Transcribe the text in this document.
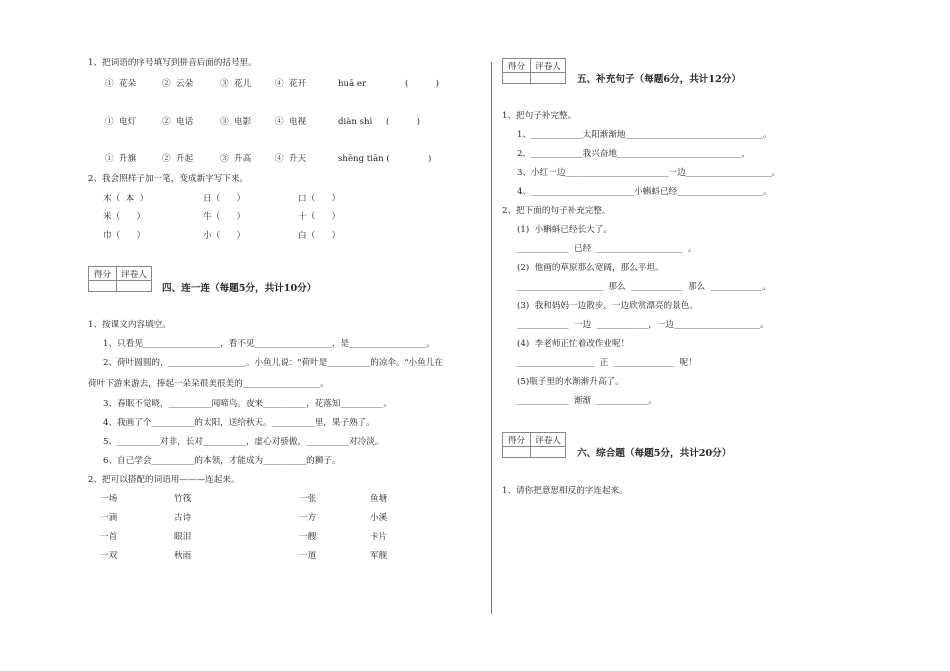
1、把词语的序号填写到拼音后面的括号里。
①  花朵	②  云朵	③  花儿	④  花开	huā er	(          )
①  电灯	②  电话	③  电影	④  电视	diàn shì (          )
①  升旗	②  升起	③  升高	④  升天	shēng tiān (	)
2、我会照样子加一笔，变成新字写下来。
木（  本  ）	日（      ）	口（      ）
米（      ）	牛（      ）	十（      ）
巾（      ）	小（      ）	白（      ）
得分	评卷人

四、连一连（每题5分，共计10分）
1、按课文内容填空。
1、只看见__________________，看不见__________________，是__________________。
2、荷叶圆圆的，__________________。小鱼儿说："荷叶是__________的凉伞。"小鱼儿在
荷叶下游来游去，捧起一朵朵很美很美的__________________。
3、春眠不觉晓，__________闻啼鸟。夜来__________，花落知__________。
4、我画了个__________的太阳，送给秋天。__________里，果子熟了。
5、__________对非，长对__________，虚心对骄傲，__________对冷淡。
6、自己学会__________的本领，才能成为__________的狮子。
2、把可以搭配的词语用———连起来。
一场	竹筏	一张	鱼塘
一滴	古诗	一方	小溪
一首	眼泪	一艘	卡片
一双	秋雨	一道	军舰
得分	评卷人

五、补充句子（每题6分，共计12分）
1、把句子补完整。
1、____________太阳渐渐地________________________________。
2、____________我兴奋地_____________________________，
3、小红一边________________________一边____________________。
4、________________________小蝌蚪已经____________________。
2、把下面的句子补充完整。
(1)  小蝌蚪已经长大了。
____________  已经  ____________________  。
(2)  他画的草原那么宽阔，那么平坦。
____________________  那么  ____________  那么  ____________。
(3)  我和妈妈一边散步，一边欣赏漂亮的景色。
____________  一边  ____________，一边____________________。
(4)  李老师正忙着改作业呢！
__________________  正  ______________  呢！
(5)瓶子里的水渐渐升高了。
____________  渐渐  ____________。
得分	评卷人

六、综合题（每题5分，共计20分）
1、请你把意思相反的字连起来。
